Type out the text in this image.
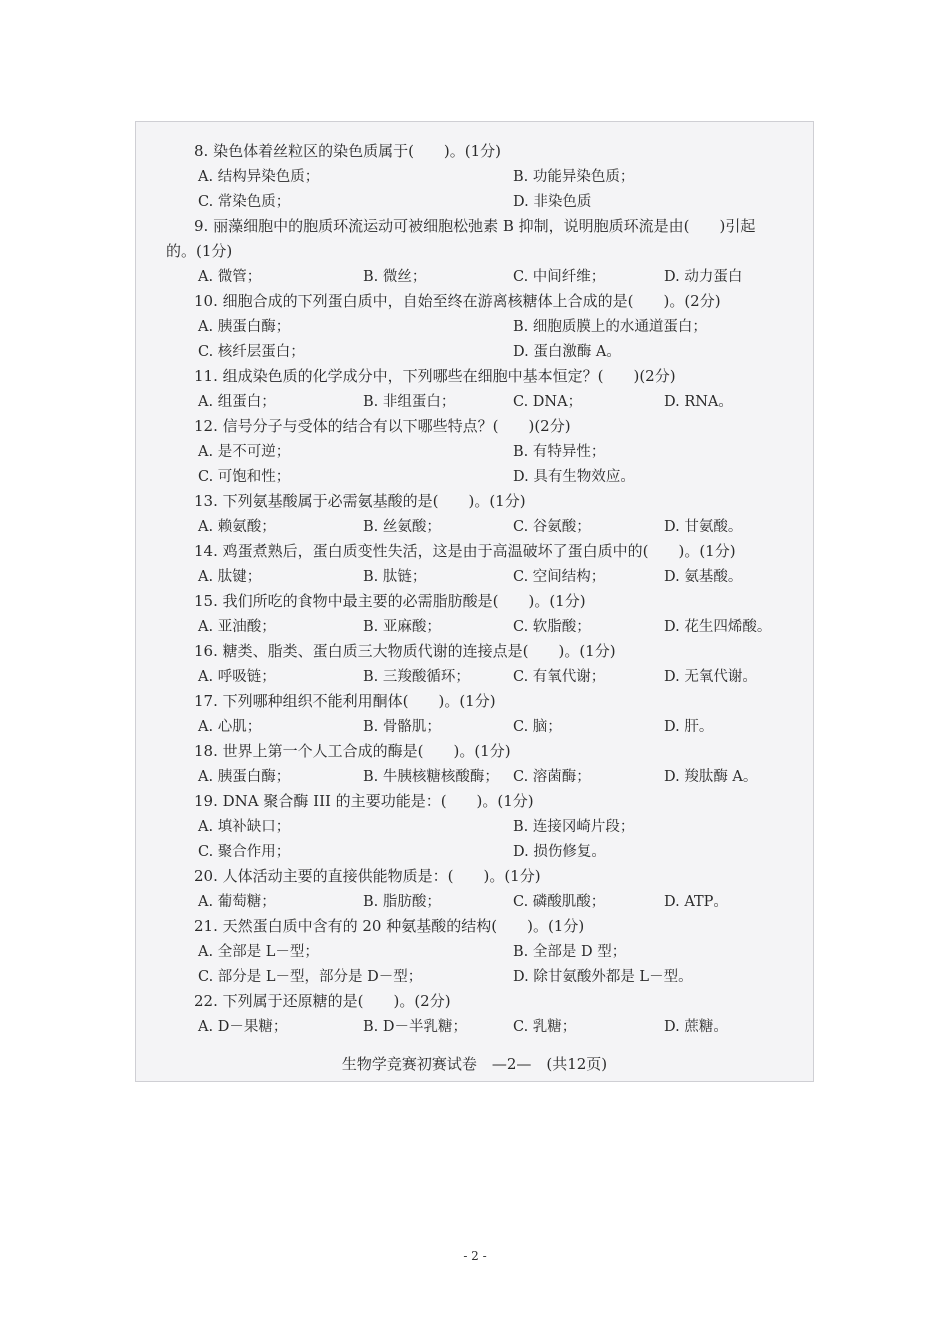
8. 染色体着丝粒区的染色质属于(　　)。(1分)
A. 结构异染色质；	B. 功能异染色质；
C. 常染色质；	D. 非染色质
9. 丽藻细胞中的胞质环流运动可被细胞松弛素 B 抑制，说明胞质环流是由(　　)引起
的。(1分)
A. 微管；	B. 微丝；	C. 中间纤维；	D. 动力蛋白
10. 细胞合成的下列蛋白质中，自始至终在游离核糖体上合成的是(　　)。(2分)
A. 胰蛋白酶；	B. 细胞质膜上的水通道蛋白；
C. 核纤层蛋白；	D. 蛋白激酶 A。
11. 组成染色质的化学成分中，下列哪些在细胞中基本恒定？(　　)(2分)
A. 组蛋白；	B. 非组蛋白；	C. DNA；	D. RNA。
12. 信号分子与受体的结合有以下哪些特点？(　　)(2分)
A. 是不可逆；	B. 有特异性；
C. 可饱和性；	D. 具有生物效应。
13. 下列氨基酸属于必需氨基酸的是(　　)。(1分)
A. 赖氨酸；	B. 丝氨酸；	C. 谷氨酸；	D. 甘氨酸。
14. 鸡蛋煮熟后，蛋白质变性失活，这是由于高温破坏了蛋白质中的(　　)。(1分)
A. 肽键；	B. 肽链；	C. 空间结构；	D. 氨基酸。
15. 我们所吃的食物中最主要的必需脂肪酸是(　　)。(1分)
A. 亚油酸；	B. 亚麻酸；	C. 软脂酸；	D. 花生四烯酸。
16. 糖类、脂类、蛋白质三大物质代谢的连接点是(　　)。(1分)
A. 呼吸链；	B. 三羧酸循环；	C. 有氧代谢；	D. 无氧代谢。
17. 下列哪种组织不能利用酮体(　　)。(1分)
A. 心肌；	B. 骨骼肌；	C. 脑；	D. 肝。
18. 世界上第一个人工合成的酶是(　　)。(1分)
A. 胰蛋白酶；	B. 牛胰核糖核酸酶； C. 溶菌酶；	D. 羧肽酶 A。
19. DNA 聚合酶 III 的主要功能是：(　　)。(1分)
A. 填补缺口；	B. 连接冈崎片段；
C. 聚合作用；	D. 损伤修复。
20. 人体活动主要的直接供能物质是：(　　)。(1分)
A. 葡萄糖；	B. 脂肪酸；	C. 磷酸肌酸；	D. ATP。
21. 天然蛋白质中含有的 20 种氨基酸的结构(　　)。(1分)
A. 全部是 L－型；	B. 全部是 D 型；
C. 部分是 L－型，部分是 D－型；	D. 除甘氨酸外都是 L－型。
22. 下列属于还原糖的是(　　)。(2分)
A. D－果糖；	B. D－半乳糖；	C. 乳糖；	D. 蔗糖。
生物学竞赛初赛试卷　—2—　(共12页)
- 2 -
